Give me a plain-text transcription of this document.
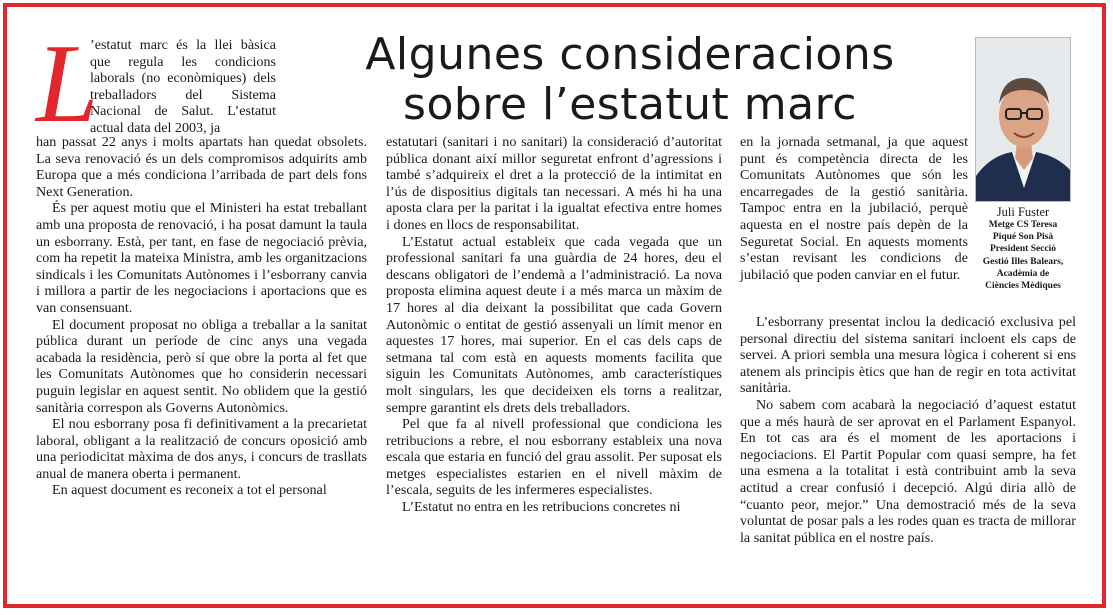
L

’estatut marc és la llei bàsica que regula les condicions laborals (no econòmiques) dels treballadors del Sistema Nacional de Salut. L’estatut actual data del 2003, ja

Algunes consideracions
sobre l’estatut marc
Juli Fuster
Metge CS Teresa
Piqué Son Pisà
President Secció
Gestió Illes Balears,
Acadèmia de
Ciències Mèdiques

han passat 22 anys i molts apartats han quedat obsolets. La seva renovació és un dels compromisos adquirits amb Europa que a més condiciona l’arribada de part dels fons Next Generation.

És per aquest motiu que el Ministeri ha estat treballant amb una proposta de renovació, i ha posat damunt la taula un esborrany. Està, per tant, en fase de negociació prèvia, com ha repetit la mateixa Ministra, amb les organitzacions sindicals i les Comunitats Autònomes i l’esborrany canvia i millora a partir de les negociacions i aportacions que es van consensuant.

El document proposat no obliga a treballar a la sanitat pública durant un període de cinc anys una vegada acabada la residència, però sí que obre la porta al fet que les Comunitats Autònomes que ho considerin necessari puguin legislar en aquest sentit. No oblidem que la gestió sanitària correspon als Governs Autonòmics.

El nou esborrany posa fi definitivament a la precarietat laboral, obligant a la realització de concurs oposició amb una periodicitat màxima de dos anys, i concurs de trasllats anual de manera oberta i permanent.

En aquest document es reconeix a tot el personal

estatutari (sanitari i no sanitari) la consideració d’autoritat pública donant així millor seguretat enfront d’agressions i també s’adquireix el dret a la protecció de la intimitat en l’ús de dispositius digitals tan necessari. A més hi ha una aposta clara per la paritat i la igualtat efectiva entre homes i dones en llocs de responsabilitat.

L’Estatut actual estableix que cada vegada que un professional sanitari fa una guàrdia de 24 hores, deu el descans obligatori de l’endemà a l’administració. La nova proposta elimina aquest deute i a més marca un màxim de 17 hores al dia deixant la possibilitat que cada Govern Autonòmic o entitat de gestió assenyali un límit menor en aquestes 17 hores, mai superior. En el cas dels caps de setmana tal com està en aquests moments facilita que siguin les Comunitats Autònomes, amb característiques molt singulars, les que decideixen els torns a realitzar, sempre garantint els drets dels treballadors.

Pel que fa al nivell professional que condiciona les retribucions a rebre, el nou esborrany estableix una nova escala que estaria en funció del grau assolit. Per suposat els metges especialistes estarien en el nivell màxim de l’escala, seguits de les infermeres especialistes.

L’Estatut no entra en les retribucions concretes ni

en la jornada setmanal, ja que aquest punt és competència directa de les Comunitats Autònomes que són les encarregades de la gestió sanitària. Tampoc entra en la jubilació, perquè aquesta en el nostre país depèn de la Seguretat Social. En aquests moments s’estan revisant les condicions de jubilació que poden canviar en el futur.

L’esborrany presentat inclou la dedicació exclusiva pel personal directiu del sistema sanitari incloent els caps de servei. A priori sembla una mesura lògica i coherent si ens atenem als principis ètics que han de regir en tota activitat sanitària.

No sabem com acabarà la negociació d’aquest estatut que a més haurà de ser aprovat en el Parlament Espanyol. En tot cas ara és el moment de les aportacions i negociacions. El Partit Popular com quasi sempre, ha fet una esmena a la totalitat i està contribuint amb la seva actitud a crear confusió i decepció. Algú diria allò de “cuanto peor, mejor.” Una demostració més de la seva voluntat de posar pals a les rodes quan es tracta de millorar la sanitat pública en el nostre país.
